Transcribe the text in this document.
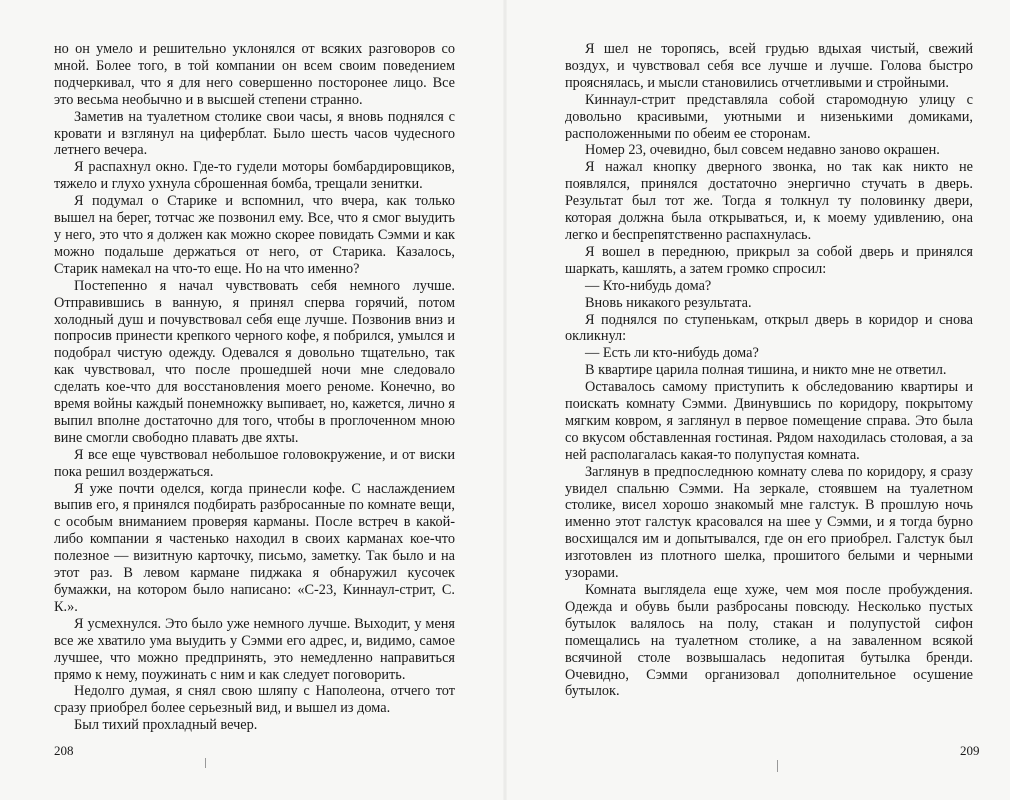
но он умело и решительно уклонялся от всяких разговоров со мной. Более того, в той компании он всем своим поведением подчеркивал, что я для него совершенно посторонее лицо. Все это весьма необычно и в высшей степени странно.

Заметив на туалетном столике свои часы, я вновь поднялся с кровати и взглянул на циферблат. Было шесть часов чудесного летнего вечера.

Я распахнул окно. Где-то гудели моторы бомбардировщиков, тяжело и глухо ухнула сброшенная бомба, трещали зенитки.

Я подумал о Старике и вспомнил, что вчера, как только вышел на берег, тотчас же позвонил ему. Все, что я смог выудить у него, это что я должен как можно скорее повидать Сэмми и как можно подальше держаться от него, от Старика. Казалось, Старик намекал на что-то еще. Но на что именно?

Постепенно я начал чувствовать себя немного лучше. Отправившись в ванную, я принял сперва горячий, потом холодный душ и почувствовал себя еще лучше. Позвонив вниз и попросив принести крепкого черного кофе, я побрился, умылся и подобрал чистую одежду. Одевался я довольно тщательно, так как чувствовал, что после прошедшей ночи мне следовало сделать кое-что для восстановления моего реноме. Конечно, во время войны каждый понемножку выпивает, но, кажется, лично я выпил вполне достаточно для того, чтобы в проглоченном мною вине смогли свободно плавать две яхты.

Я все еще чувствовал небольшое головокружение, и от виски пока решил воздержаться.

Я уже почти оделся, когда принесли кофе. С наслаждением выпив его, я принялся подбирать разбросанные по комнате вещи, с особым вниманием проверяя карманы. После встреч в какой-либо компании я частенько находил в своих карманах кое-что полезное — визитную карточку, письмо, заметку. Так было и на этот раз. В левом кармане пиджака я обнаружил кусочек бумажки, на котором было написано: «С-23, Киннаул-стрит, С. К.».

Я усмехнулся. Это было уже немного лучше. Выходит, у меня все же хватило ума выудить у Сэмми его адрес, и, видимо, самое лучшее, что можно предпринять, это немедленно направиться прямо к нему, поужинать с ним и как следует поговорить.

Недолго думая, я снял свою шляпу с Наполеона, отчего тот сразу приобрел более серьезный вид, и вышел из дома.

Был тихий прохладный вечер.

208

Я шел не торопясь, всей грудью вдыхая чистый, свежий воздух, и чувствовал себя все лучше и лучше. Голова быстро прояснялась, и мысли становились отчетливыми и стройными.

Киннаул-стрит представляла собой старомодную улицу с довольно красивыми, уютными и низенькими домиками, расположенными по обеим ее сторонам.

Номер 23, очевидно, был совсем недавно заново окрашен.

Я нажал кнопку дверного звонка, но так как никто не появлялся, принялся достаточно энергично стучать в дверь. Результат был тот же. Тогда я толкнул ту половинку двери, которая должна была открываться, и, к моему удивлению, она легко и беспрепятственно распахнулась.

Я вошел в переднюю, прикрыл за собой дверь и принялся шаркать, кашлять, а затем громко спросил:

— Кто-нибудь дома?

Вновь никакого результата.

Я поднялся по ступенькам, открыл дверь в коридор и снова окликнул:

— Есть ли кто-нибудь дома?

В квартире царила полная тишина, и никто мне не ответил.

Оставалось самому приступить к обследованию квартиры и поискать комнату Сэмми. Двинувшись по коридору, покрытому мягким ковром, я заглянул в первое помещение справа. Это была со вкусом обставленная гостиная. Рядом находилась столовая, а за ней располагалась какая-то полупустая комната.

Заглянув в предпоследнюю комнату слева по коридору, я сразу увидел спальню Сэмми. На зеркале, стоявшем на туалетном столике, висел хорошо знакомый мне галстук. В прошлую ночь именно этот галстук красовался на шее у Сэмми, и я тогда бурно восхищался им и допытывался, где он его приобрел. Галстук был изготовлен из плотного шелка, прошитого белыми и черными узорами.

Комната выглядела еще хуже, чем моя после пробуждения. Одежда и обувь были разбросаны повсюду. Несколько пустых бутылок валялось на полу, стакан и полупустой сифон помещались на туалетном столике, а на заваленном всякой всячиной столе возвышалась недопитая бутылка бренди. Очевидно, Сэмми организовал дополнительное осушение бутылок.

209
